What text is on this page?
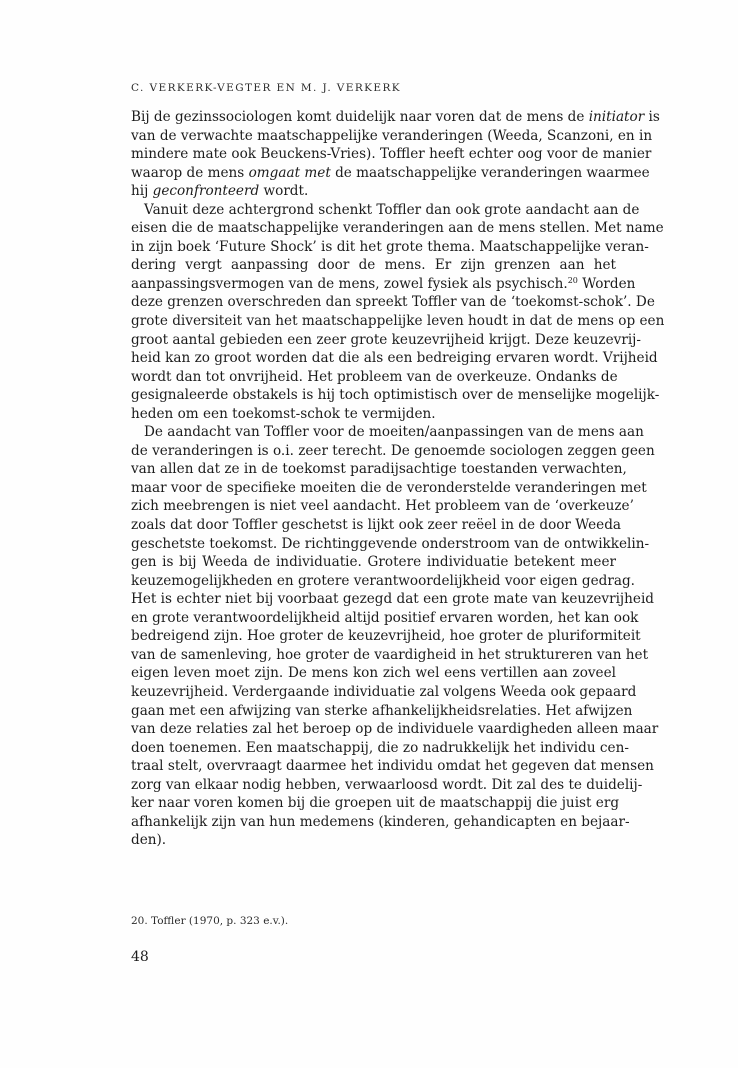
C. VERKERK-VEGTER EN M. J. VERKERK
Bij de gezinssociologen komt duidelijk naar voren dat de mens de initiator is
van de verwachte maatschappelijke veranderingen (Weeda, Scanzoni, en in
mindere mate ook Beuckens-Vries). Toffler heeft echter oog voor de manier
waarop de mens omgaat met de maatschappelijke veranderingen waarmee
hij geconfronteerd wordt.
Vanuit deze achtergrond schenkt Toffler dan ook grote aandacht aan de
eisen die de maatschappelijke veranderingen aan de mens stellen. Met name
in zijn boek ‘Future Shock’ is dit het grote thema. Maatschappelijke veran-
dering vergt aanpassing door de mens. Er zijn grenzen aan het
aanpassingsvermogen van de mens, zowel fysiek als psychisch.$^{20}$ Worden
deze grenzen overschreden dan spreekt Toffler van de ‘toekomst-schok’. De
grote diversiteit van het maatschappelijke leven houdt in dat de mens op een
groot aantal gebieden een zeer grote keuzevrijheid krijgt. Deze keuzevrij-
heid kan zo groot worden dat die als een bedreiging ervaren wordt. Vrijheid
wordt dan tot onvrijheid. Het probleem van de overkeuze. Ondanks de
gesignaleerde obstakels is hij toch optimistisch over de menselijke mogelijk-
heden om een toekomst-schok te vermijden.
De aandacht van Toffler voor de moeiten/aanpassingen van de mens aan
de veranderingen is o.i. zeer terecht. De genoemde sociologen zeggen geen
van allen dat ze in de toekomst paradijsachtige toestanden verwachten,
maar voor de specifieke moeiten die de veronderstelde veranderingen met
zich meebrengen is niet veel aandacht. Het probleem van de ‘overkeuze’
zoals dat door Toffler geschetst is lijkt ook zeer reëel in de door Weeda
geschetste toekomst. De richtinggevende onderstroom van de ontwikkelin-
gen is bij Weeda de individuatie. Grotere individuatie betekent meer
keuzemogelijkheden en grotere verantwoordelijkheid voor eigen gedrag.
Het is echter niet bij voorbaat gezegd dat een grote mate van keuzevrijheid
en grote verantwoordelijkheid altijd positief ervaren worden, het kan ook
bedreigend zijn. Hoe groter de keuzevrijheid, hoe groter de pluriformiteit
van de samenleving, hoe groter de vaardigheid in het struktureren van het
eigen leven moet zijn. De mens kon zich wel eens vertillen aan zoveel
keuzevrijheid. Verdergaande individuatie zal volgens Weeda ook gepaard
gaan met een afwijzing van sterke afhankelijkheidsrelaties. Het afwijzen
van deze relaties zal het beroep op de individuele vaardigheden alleen maar
doen toenemen. Een maatschappij, die zo nadrukkelijk het individu cen-
traal stelt, overvraagt daarmee het individu omdat het gegeven dat mensen
zorg van elkaar nodig hebben, verwaarloosd wordt. Dit zal des te duidelij-
ker naar voren komen bij die groepen uit de maatschappij die juist erg
afhankelijk zijn van hun medemens (kinderen, gehandicapten en bejaar-
den).
20. Toffler (1970, p. 323 e.v.).
48
